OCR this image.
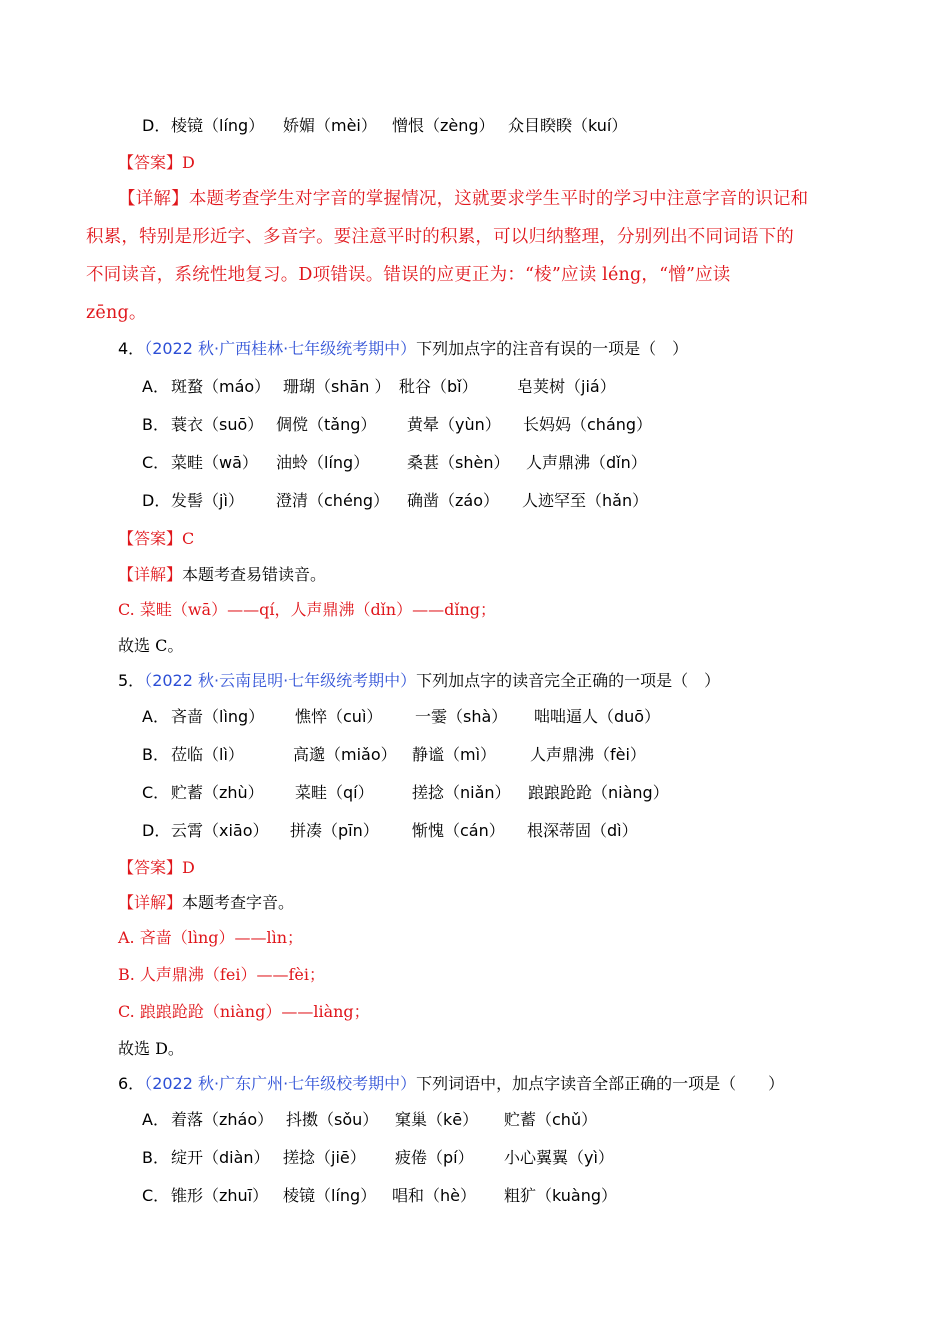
D． 棱镜（líng） 娇媚（mèi） 憎恨（zèng） 众目睽睽（kuí）
【答案】D
【详解】本题考查学生对字音的掌握情况，这就要求学生平时的学习中注意字音的识记和
积累，特别是形近字、多音字。要注意平时的积累，可以归纳整理，分别列出不同词语下的
不同读音，系统性地复习。D项错误。错误的应更正为：“棱”应读 léng，“憎”应读
zēng。
4．（2022 秋·广西桂林·七年级统考期中）下列加点字的注音有误的一项是（　）
A． 斑蝥（máo） 珊瑚（shān ） 秕谷（bǐ） 皂荚树（jiá）
B． 蓑衣（suō） 倜傥（tǎng） 黄晕（yùn） 长妈妈（cháng）
C． 菜畦（wā） 油蛉（líng） 桑葚（shèn） 人声鼎沸（dǐn）
D． 发髻（jì） 澄清（chéng） 确凿（záo） 人迹罕至（hǎn）
【答案】C
【详解】本题考查易错读音。
C. 菜畦（wā）——qí，人声鼎沸（dǐn）——dǐng；
故选 C。
5．（2022 秋·云南昆明·七年级统考期中）下列加点字的读音完全正确的一项是（　）
A． 吝啬（lìng） 憔悴（cuì） 一霎（shà） 咄咄逼人（duō）
B． 莅临（lì）	高邈（miǎo） 静谧（mì） 人声鼎沸（fèi）
C． 贮蓄（zhù） 菜畦（qí） 搓捻（niǎn） 踉踉跄跄（niàng）
D． 云霄（xiāo） 拼凑（pīn） 惭愧（cán） 根深蒂固（dì）
【答案】D
【详解】本题考查字音。
A. 吝啬（lìng）——lìn；
B. 人声鼎沸（fei）——fèi；
C. 踉踉跄跄（niàng）——liàng；
故选 D。
6．（2022 秋·广东广州·七年级校考期中）下列词语中，加点字读音全部正确的一项是（　　）
A． 着落（zháo） 抖擞（sǒu） 窠巢（kē） 贮蓄（chǔ）
B． 绽开（diàn） 搓捻（jiē） 疲倦（pí） 小心翼翼（yì）
C． 锥形（zhuī） 棱镜（líng） 唱和（hè） 粗犷（kuàng）
